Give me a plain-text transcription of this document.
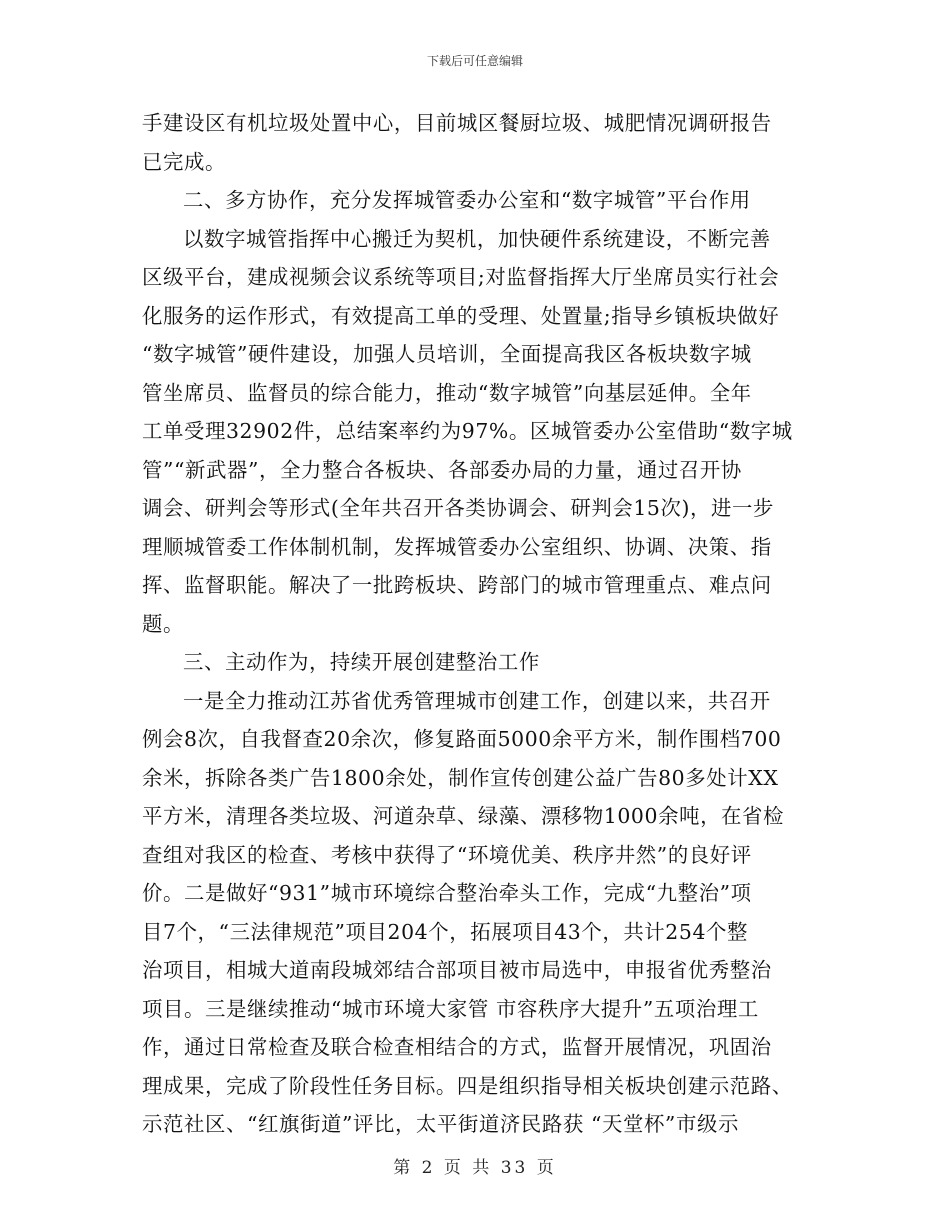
下载后可任意编辑
手建设区有机垃圾处置中心，目前城区餐厨垃圾、城肥情况调研报告
已完成。
二、多方协作，充分发挥城管委办公室和“数字城管”平台作用
以数字城管指挥中心搬迁为契机，加快硬件系统建设，不断完善
区级平台，建成视频会议系统等项目;对监督指挥大厅坐席员实行社会
化服务的运作形式，有效提高工单的受理、处置量;指导乡镇板块做好
“数字城管”硬件建设，加强人员培训，全面提高我区各板块数字城
管坐席员、监督员的综合能力，推动“数字城管”向基层延伸。全年
工单受理32902件，总结案率约为97%。区城管委办公室借助“数字城
管”“新武器”，全力整合各板块、各部委办局的力量，通过召开协
调会、研判会等形式(全年共召开各类协调会、研判会15次)，进一步
理顺城管委工作体制机制，发挥城管委办公室组织、协调、决策、指
挥、监督职能。解决了一批跨板块、跨部门的城市管理重点、难点问
题。
三、主动作为，持续开展创建整治工作
一是全力推动江苏省优秀管理城市创建工作，创建以来，共召开
例会8次，自我督查20余次，修复路面5000余平方米，制作围档700
余米，拆除各类广告1800余处，制作宣传创建公益广告80多处计XX
平方米，清理各类垃圾、河道杂草、绿藻、漂移物1000余吨，在省检
查组对我区的检查、考核中获得了“环境优美、秩序井然”的良好评
价。二是做好“931”城市环境综合整治牵头工作，完成“九整治”项
目7个，“三法律规范”项目204个，拓展项目43个，共计254个整
治项目，相城大道南段城郊结合部项目被市局选中，申报省优秀整治
项目。三是继续推动“城市环境大家管 市容秩序大提升”五项治理工
作，通过日常检查及联合检查相结合的方式，监督开展情况，巩固治
理成果，完成了阶段性任务目标。四是组织指导相关板块创建示范路、
示范社区、“红旗街道”评比，太平街道济民路获 “天堂杯”市级示
第 2 页 共 33 页
